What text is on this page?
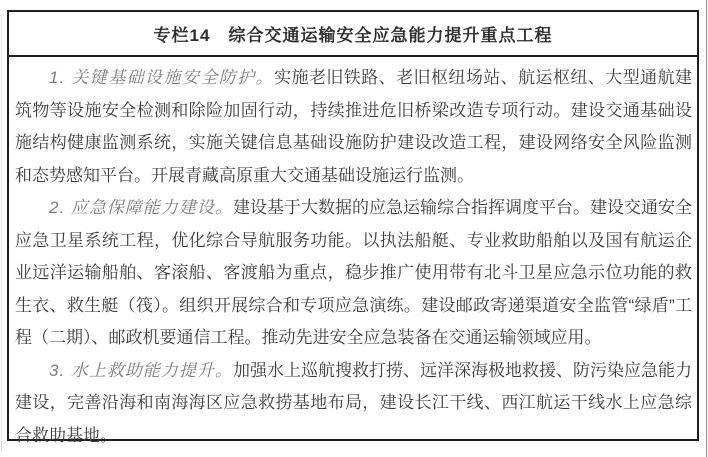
专栏14　综合交通运输安全应急能力提升重点工程

1. 关键基础设施安全防护。实施老旧铁路、老旧枢纽场站、航运枢纽、大型通航建筑物等设施安全检测和除险加固行动，持续推进危旧桥梁改造专项行动。建设交通基础设施结构健康监测系统，实施关键信息基础设施防护建设改造工程，建设网络安全风险监测和态势感知平台。开展青藏高原重大交通基础设施运行监测。

2. 应急保障能力建设。建设基于大数据的应急运输综合指挥调度平台。建设交通安全应急卫星系统工程，优化综合导航服务功能。以执法船艇、专业救助船舶以及国有航运企业远洋运输船舶、客滚船、客渡船为重点，稳步推广使用带有北斗卫星应急示位功能的救生衣、救生艇（筏）。组织开展综合和专项应急演练。建设邮政寄递渠道安全监管“绿盾”工程（二期）、邮政机要通信工程。推动先进安全应急装备在交通运输领域应用。

3. 水上救助能力提升。加强水上巡航搜救打捞、远洋深海极地救援、防污染应急能力建设，完善沿海和南海海区应急救捞基地布局，建设长江干线、西江航运干线水上应急综合救助基地。
